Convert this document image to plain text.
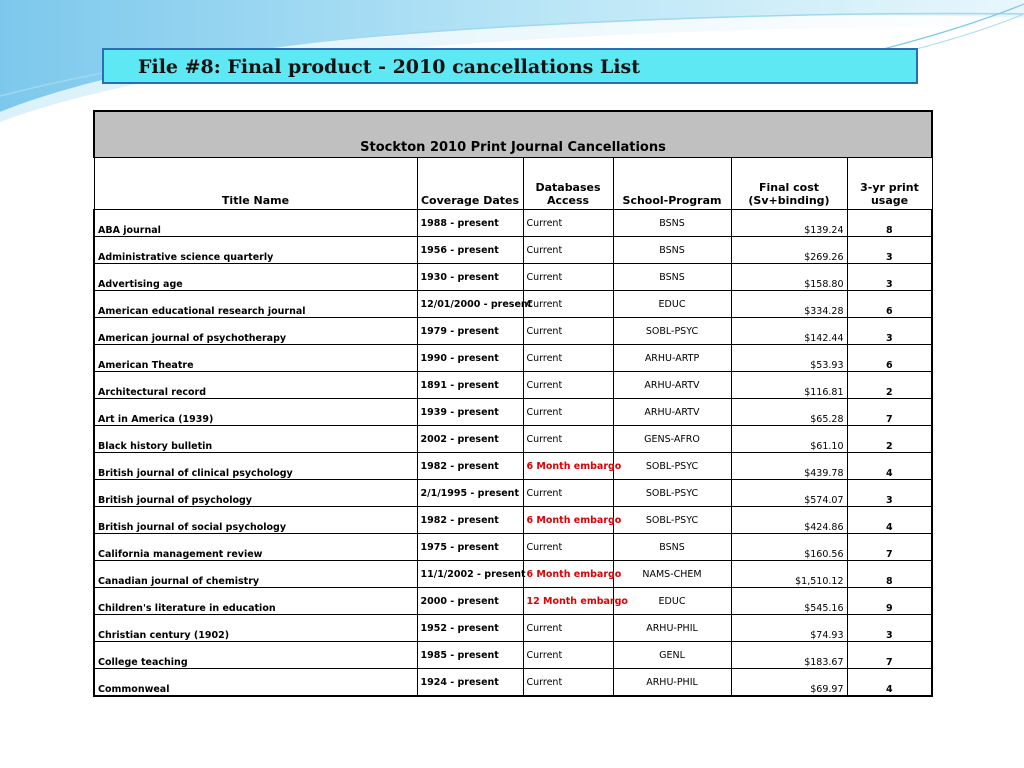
File #8: Final product - 2010 cancellations List
Stockton 2010 Print Journal Cancellations					
Title Name	Coverage Dates	Databases Access	School-Program	Final cost (Sv+binding)	3-yr print usage
ABA journal	1988 - present	Current	BSNS	$139.24	8
Administrative science quarterly	1956 - present	Current	BSNS	$269.26	3
Advertising age	1930 - present	Current	BSNS	$158.80	3
American educational research journal	12/01/2000 - present	Current	EDUC	$334.28	6
American journal of psychotherapy	1979 - present	Current	SOBL-PSYC	$142.44	3
American Theatre	1990 - present	Current	ARHU-ARTP	$53.93	6
Architectural record	1891 - present	Current	ARHU-ARTV	$116.81	2
Art in America (1939)	1939 - present	Current	ARHU-ARTV	$65.28	7
Black history bulletin	2002 - present	Current	GENS-AFRO	$61.10	2
British journal of clinical psychology	1982 - present	6 Month embargo	SOBL-PSYC	$439.78	4
British journal of psychology	2/1/1995 - present	Current	SOBL-PSYC	$574.07	3
British journal of social psychology	1982 - present	6 Month embargo	SOBL-PSYC	$424.86	4
California management review	1975 - present	Current	BSNS	$160.56	7
Canadian journal of chemistry	11/1/2002 - present	6 Month embargo	NAMS-CHEM	$1,510.12	8
Children's literature in education	2000 - present	12 Month embargo	EDUC	$545.16	9
Christian century (1902)	1952 - present	Current	ARHU-PHIL	$74.93	3
College teaching	1985 - present	Current	GENL	$183.67	7
Commonweal	1924 - present	Current	ARHU-PHIL	$69.97	4
